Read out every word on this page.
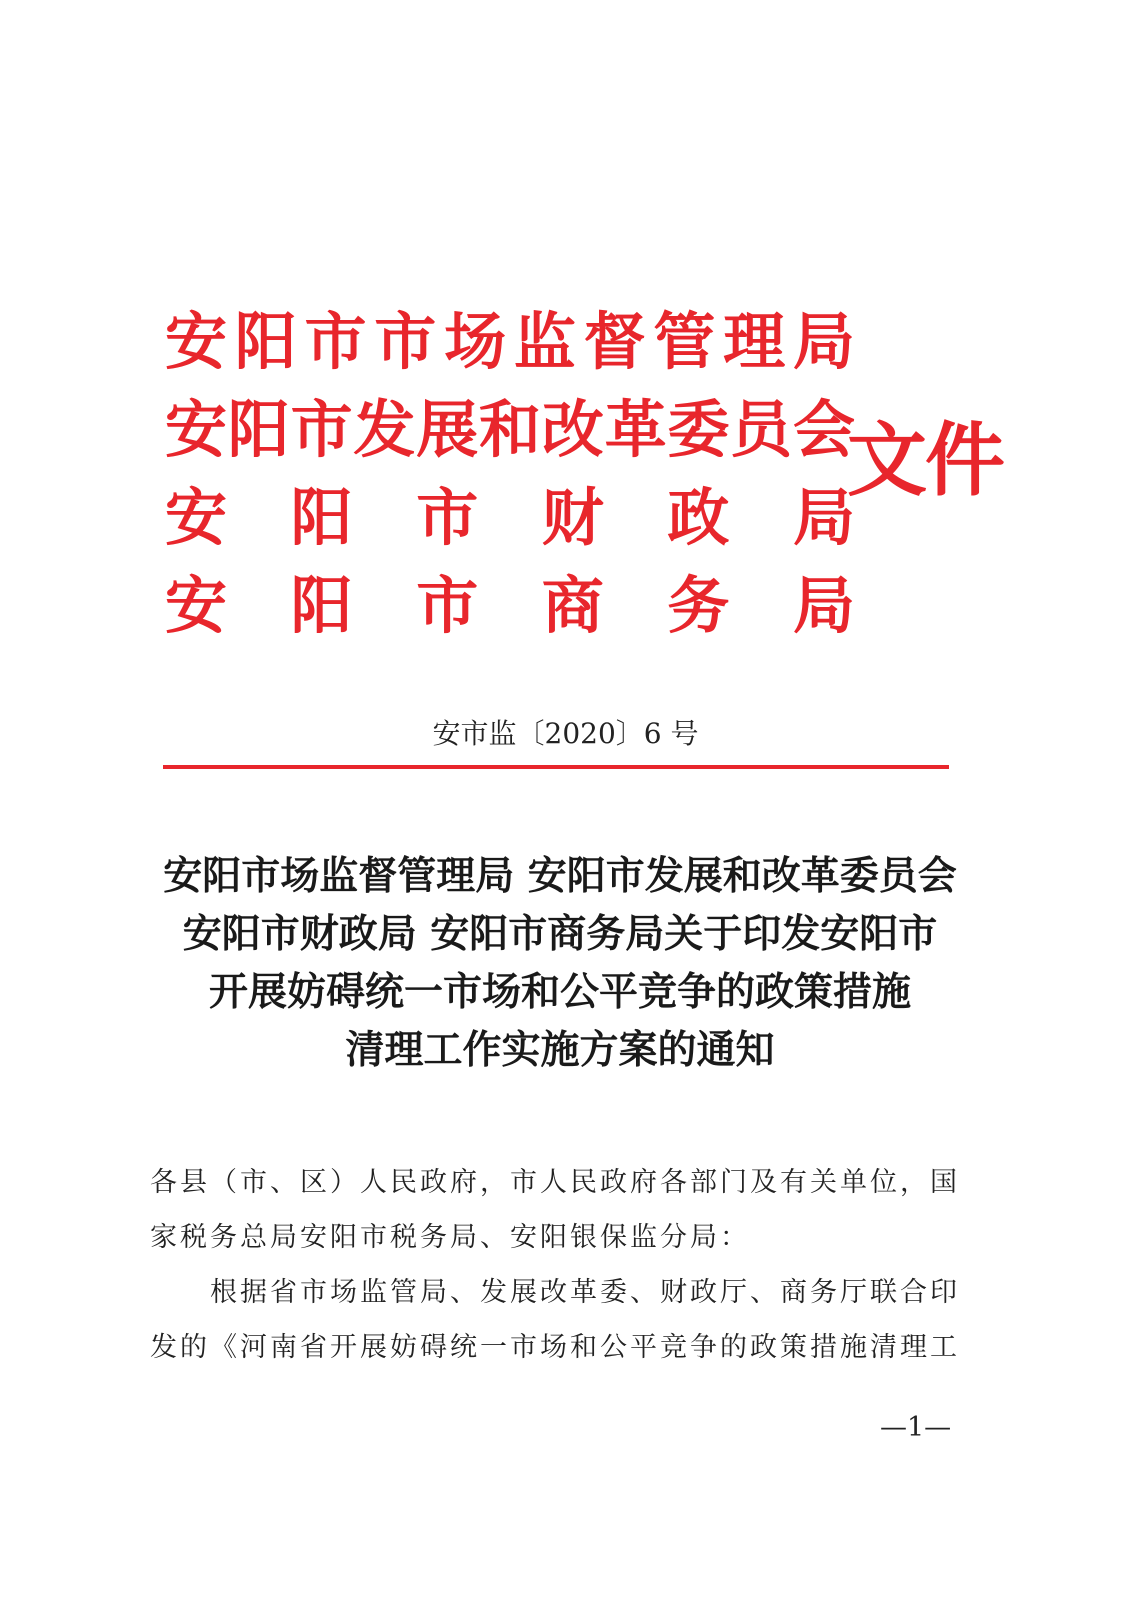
安 阳 市 市 场 监 督 管 理 局
安 阳 市 发 展 和 改 革 委 员 会
安 阳 市 财 政 局
安 阳 市 商 务 局
文件
安市监〔2020〕6 号
安阳市场监督管理局 安阳市发展和改革委员会
安阳市财政局 安阳市商务局关于印发安阳市
开展妨碍统一市场和公平竞争的政策措施
清理工作实施方案的通知

各县（市、区）人民政府，市人民政府各部门及有关单位，国家税务总局安阳市税务局、安阳银保监分局：

根据省市场监管局、发展改革委、财政厅、商务厅联合印发的《河南省开展妨碍统一市场和公平竞争的政策措施清理工

—1—
